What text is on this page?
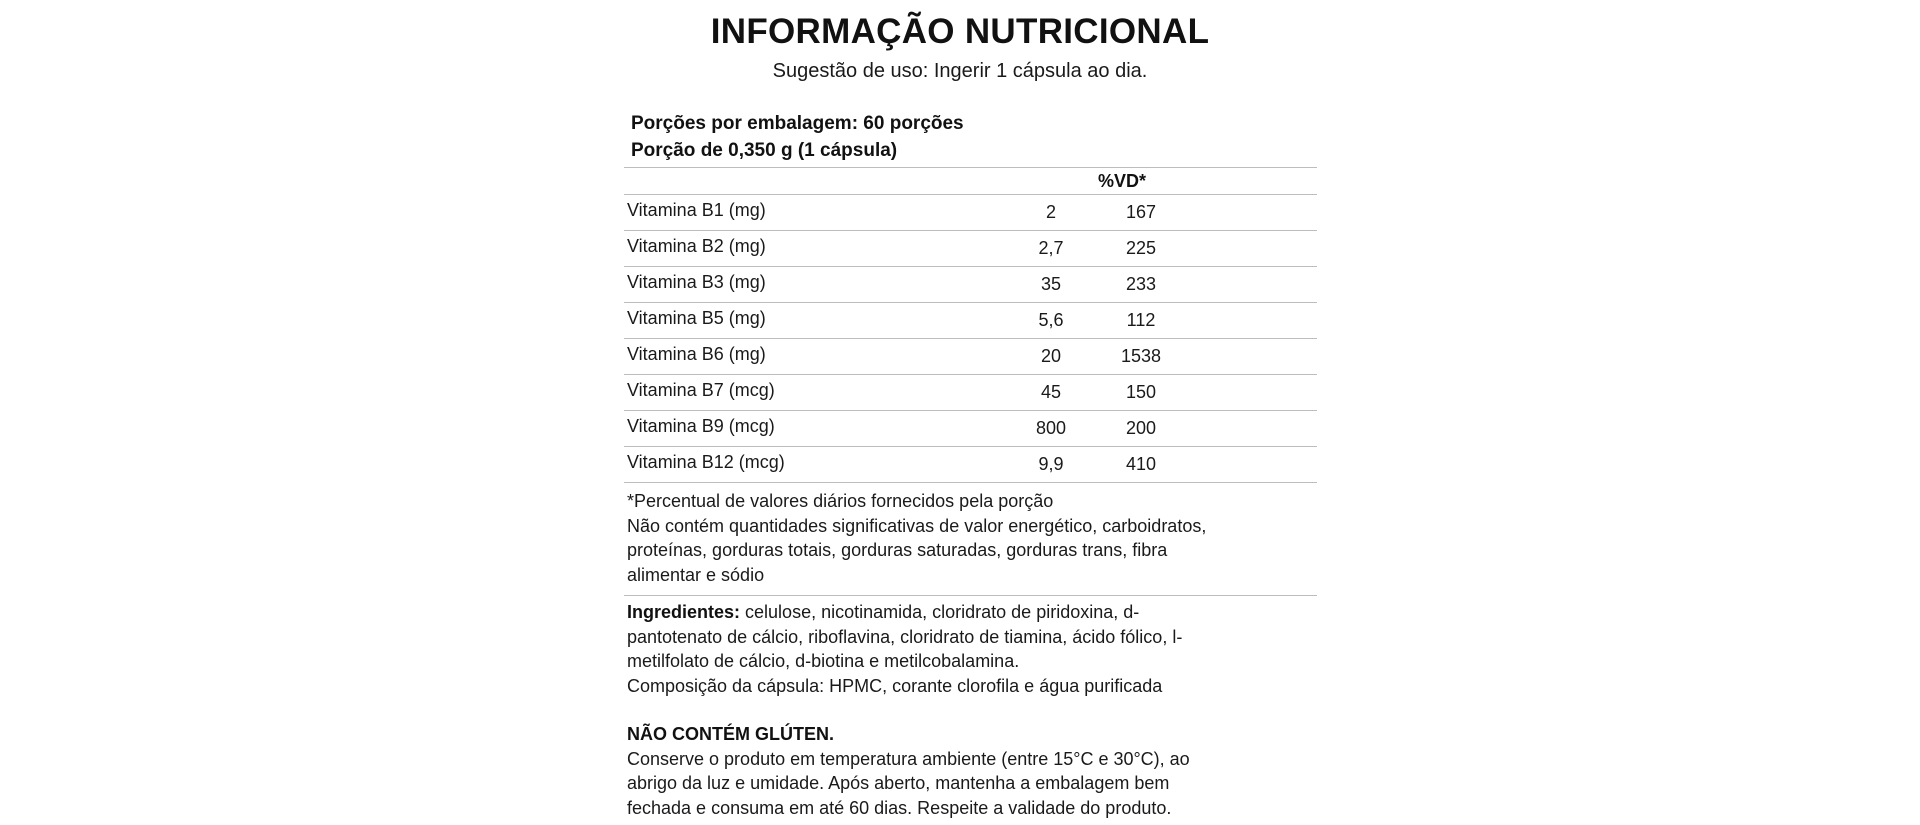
INFORMAÇÃO NUTRICIONAL
Sugestão de uso: Ingerir 1 cápsula ao dia.
Porções por embalagem: 60 porções
Porção de 0,350 g (1 cápsula)
%VD*
Vitamina B1 (mg)	2	167
Vitamina B2 (mg)	2,7	225
Vitamina B3 (mg)	35	233
Vitamina B5 (mg)	5,6	112
Vitamina B6 (mg)	20	1538
Vitamina B7 (mcg)	45	150
Vitamina B9 (mcg)	800	200
Vitamina B12 (mcg)	9,9	410
*Percentual de valores diários fornecidos pela porção
Não contém quantidades significativas de valor energético, carboidratos, proteínas, gorduras totais, gorduras saturadas, gorduras trans, fibra alimentar e sódio
Ingredientes: celulose, nicotinamida, cloridrato de piridoxina, d-pantotenato de cálcio, riboflavina, cloridrato de tiamina, ácido fólico, l-metilfolato de cálcio, d-biotina e metilcobalamina.
Composição da cápsula: HPMC, corante clorofila e água purificada
NÃO CONTÉM GLÚTEN.
Conserve o produto em temperatura ambiente (entre 15°C e 30°C), ao abrigo da luz e umidade. Após aberto, mantenha a embalagem bem fechada e consuma em até 60 dias. Respeite a validade do produto.
